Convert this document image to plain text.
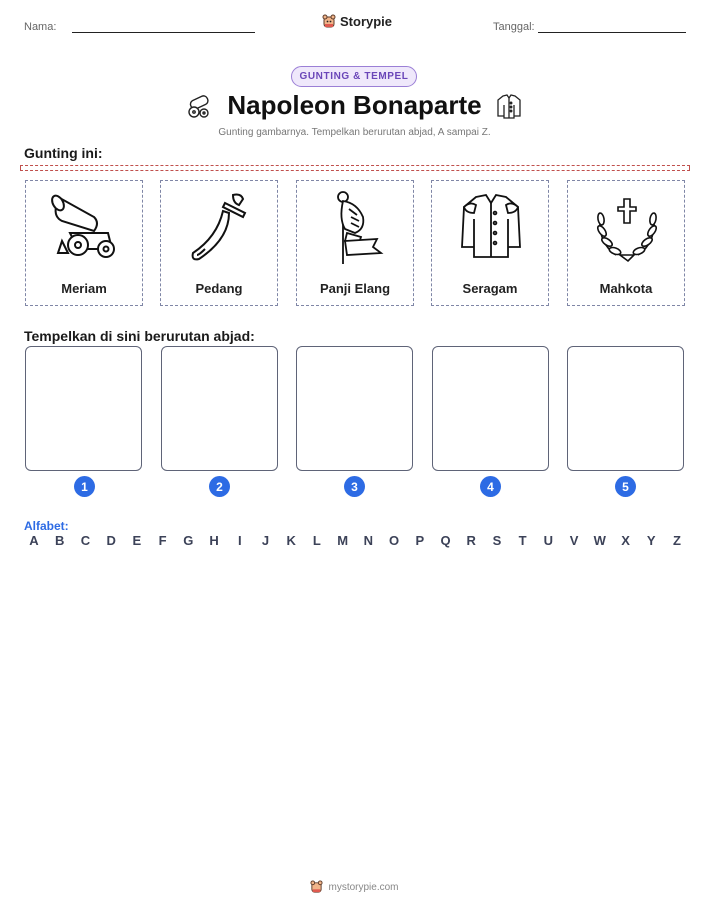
Nama:	Storypie	Tanggal:
GUNTING & TEMPEL
Napoleon Bonaparte
Gunting gambarnya. Tempelkan berurutan abjad, A sampai Z.
Gunting ini:
Meriam	Pedang	Panji Elang	Seragam	Mahkota
Tempelkan di sini berurutan abjad:
1	2	3	4	5
Alfabet:
A B C D E F G H	I	J K L M N O P Q R S T U V W X Y Z
mystorypie.com
